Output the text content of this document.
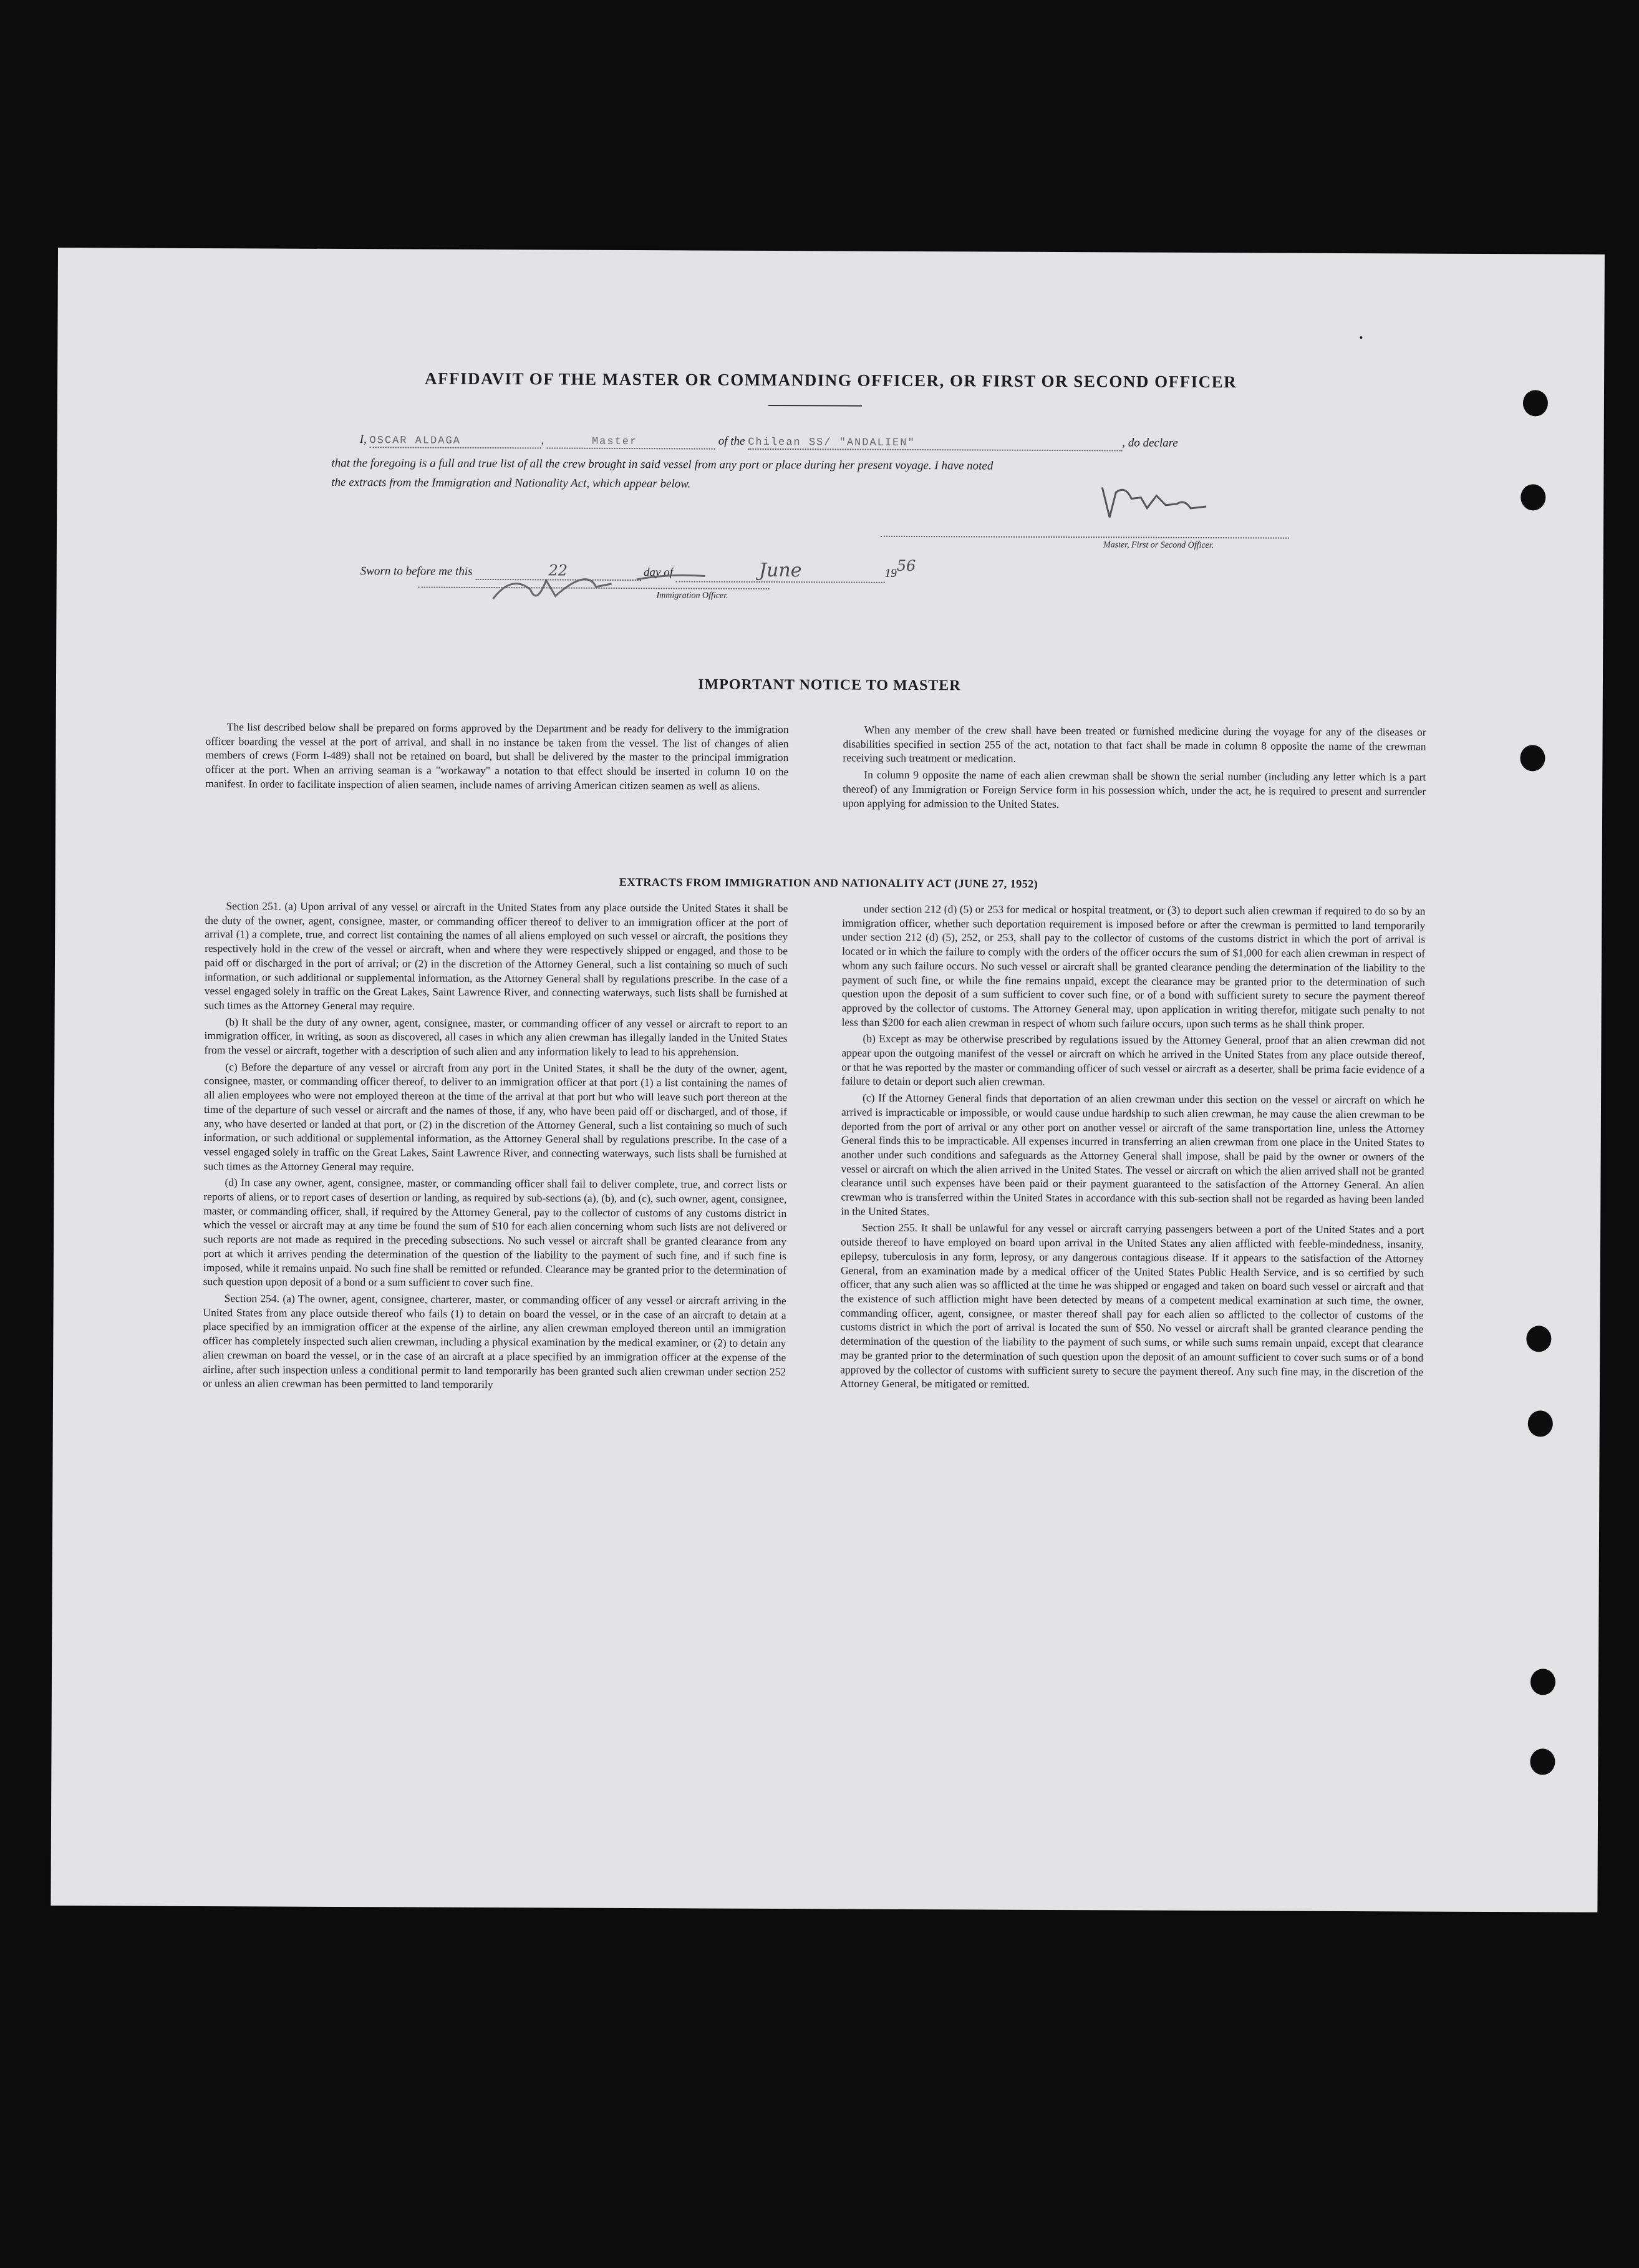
AFFIDAVIT OF THE MASTER OR COMMANDING OFFICER, OR FIRST OR SECOND OFFICER
I, OSCAR ALDAGA	,	Master	of the Chilean SS/ "ANDALIEN"	, do declare
that the foregoing is a full and true list of all the crew brought in said vessel from any port or place during her present voyage. I have noted
the extracts from the Immigration and Nationality Act, which appear below.
Master, First or Second Officer.
Sworn to before me this	22	day of	June	1956
Immigration Officer.
IMPORTANT NOTICE TO MASTER

The list described below shall be prepared on forms approved by the Department and be ready for delivery to the immigration officer boarding the vessel at the port of arrival, and shall in no instance be taken from the vessel. The list of changes of alien members of crews (Form I-489) shall not be retained on board, but shall be delivered by the master to the principal immigration officer at the port. When an arriving seaman is a "workaway" a notation to that effect should be inserted in column 10 on the manifest. In order to facilitate inspection of alien seamen, include names of arriving American citizen seamen as well as aliens.

When any member of the crew shall have been treated or furnished medicine during the voyage for any of the diseases or disabilities specified in section 255 of the act, notation to that fact shall be made in column 8 opposite the name of the crewman receiving such treatment or medication.

In column 9 opposite the name of each alien crewman shall be shown the serial number (including any letter which is a part thereof) of any Immigration or Foreign Service form in his possession which, under the act, he is required to present and surrender upon applying for admission to the United States.

EXTRACTS FROM IMMIGRATION AND NATIONALITY ACT (JUNE 27, 1952)

Section 251. (a) Upon arrival of any vessel or aircraft in the United States from any place outside the United States it shall be the duty of the owner, agent, consignee, master, or commanding officer thereof to deliver to an immigration officer at the port of arrival (1) a complete, true, and correct list containing the names of all aliens employed on such vessel or aircraft, the positions they respectively hold in the crew of the vessel or aircraft, when and where they were respectively shipped or engaged, and those to be paid off or discharged in the port of arrival; or (2) in the discretion of the Attorney General, such a list containing so much of such information, or such additional or supplemental information, as the Attorney General shall by regulations prescribe. In the case of a vessel engaged solely in traffic on the Great Lakes, Saint Lawrence River, and connecting waterways, such lists shall be furnished at such times as the Attorney General may require.

(b) It shall be the duty of any owner, agent, consignee, master, or commanding officer of any vessel or aircraft to report to an immigration officer, in writing, as soon as discovered, all cases in which any alien crewman has illegally landed in the United States from the vessel or aircraft, together with a description of such alien and any information likely to lead to his apprehension.

(c) Before the departure of any vessel or aircraft from any port in the United States, it shall be the duty of the owner, agent, consignee, master, or commanding officer thereof, to deliver to an immigration officer at that port (1) a list containing the names of all alien employees who were not employed thereon at the time of the arrival at that port but who will leave such port thereon at the time of the departure of such vessel or aircraft and the names of those, if any, who have been paid off or discharged, and of those, if any, who have deserted or landed at that port, or (2) in the discretion of the Attorney General, such a list containing so much of such information, or such additional or supplemental information, as the Attorney General shall by regulations prescribe. In the case of a vessel engaged solely in traffic on the Great Lakes, Saint Lawrence River, and connecting waterways, such lists shall be furnished at such times as the Attorney General may require.

(d) In case any owner, agent, consignee, master, or commanding officer shall fail to deliver complete, true, and correct lists or reports of aliens, or to report cases of desertion or landing, as required by sub-sections (a), (b), and (c), such owner, agent, consignee, master, or commanding officer, shall, if required by the Attorney General, pay to the collector of customs of any customs district in which the vessel or aircraft may at any time be found the sum of $10 for each alien concerning whom such lists are not delivered or such reports are not made as required in the preceding subsections. No such vessel or aircraft shall be granted clearance from any port at which it arrives pending the determination of the question of the liability to the payment of such fine, and if such fine is imposed, while it remains unpaid. No such fine shall be remitted or refunded. Clearance may be granted prior to the determination of such question upon deposit of a bond or a sum sufficient to cover such fine.

Section 254. (a) The owner, agent, consignee, charterer, master, or commanding officer of any vessel or aircraft arriving in the United States from any place outside thereof who fails (1) to detain on board the vessel, or in the case of an aircraft to detain at a place specified by an immigration officer at the expense of the airline, any alien crewman employed thereon until an immigration officer has completely inspected such alien crewman, including a physical examination by the medical examiner, or (2) to detain any alien crewman on board the vessel, or in the case of an aircraft at a place specified by an immigration officer at the expense of the airline, after such inspection unless a conditional permit to land temporarily has been granted such alien crewman under section 252 or unless an alien crewman has been permitted to land temporarily

under section 212 (d) (5) or 253 for medical or hospital treatment, or (3) to deport such alien crewman if required to do so by an immigration officer, whether such deportation requirement is imposed before or after the crewman is permitted to land temporarily under section 212 (d) (5), 252, or 253, shall pay to the collector of customs of the customs district in which the port of arrival is located or in which the failure to comply with the orders of the officer occurs the sum of $1,000 for each alien crewman in respect of whom any such failure occurs. No such vessel or aircraft shall be granted clearance pending the determination of the liability to the payment of such fine, or while the fine remains unpaid, except the clearance may be granted prior to the determination of such question upon the deposit of a sum sufficient to cover such fine, or of a bond with sufficient surety to secure the payment thereof approved by the collector of customs. The Attorney General may, upon application in writing therefor, mitigate such penalty to not less than $200 for each alien crewman in respect of whom such failure occurs, upon such terms as he shall think proper.

(b) Except as may be otherwise prescribed by regulations issued by the Attorney General, proof that an alien crewman did not appear upon the outgoing manifest of the vessel or aircraft on which he arrived in the United States from any place outside thereof, or that he was reported by the master or commanding officer of such vessel or aircraft as a deserter, shall be prima facie evidence of a failure to detain or deport such alien crewman.

(c) If the Attorney General finds that deportation of an alien crewman under this section on the vessel or aircraft on which he arrived is impracticable or impossible, or would cause undue hardship to such alien crewman, he may cause the alien crewman to be deported from the port of arrival or any other port on another vessel or aircraft of the same transportation line, unless the Attorney General finds this to be impracticable. All expenses incurred in transferring an alien crewman from one place in the United States to another under such conditions and safeguards as the Attorney General shall impose, shall be paid by the owner or owners of the vessel or aircraft on which the alien arrived in the United States. The vessel or aircraft on which the alien arrived shall not be granted clearance until such expenses have been paid or their payment guaranteed to the satisfaction of the Attorney General. An alien crewman who is transferred within the United States in accordance with this sub-section shall not be regarded as having been landed in the United States.

Section 255. It shall be unlawful for any vessel or aircraft carrying passengers between a port of the United States and a port outside thereof to have employed on board upon arrival in the United States any alien afflicted with feeble-mindedness, insanity, epilepsy, tuberculosis in any form, leprosy, or any dangerous contagious disease. If it appears to the satisfaction of the Attorney General, from an examination made by a medical officer of the United States Public Health Service, and is so certified by such officer, that any such alien was so afflicted at the time he was shipped or engaged and taken on board such vessel or aircraft and that the existence of such affliction might have been detected by means of a competent medical examination at such time, the owner, commanding officer, agent, consignee, or master thereof shall pay for each alien so afflicted to the collector of customs of the customs district in which the port of arrival is located the sum of $50. No vessel or aircraft shall be granted clearance pending the determination of the question of the liability to the payment of such sums, or while such sums remain unpaid, except that clearance may be granted prior to the determination of such question upon the deposit of an amount sufficient to cover such sums or of a bond approved by the collector of customs with sufficient surety to secure the payment thereof. Any such fine may, in the discretion of the Attorney General, be mitigated or remitted.
